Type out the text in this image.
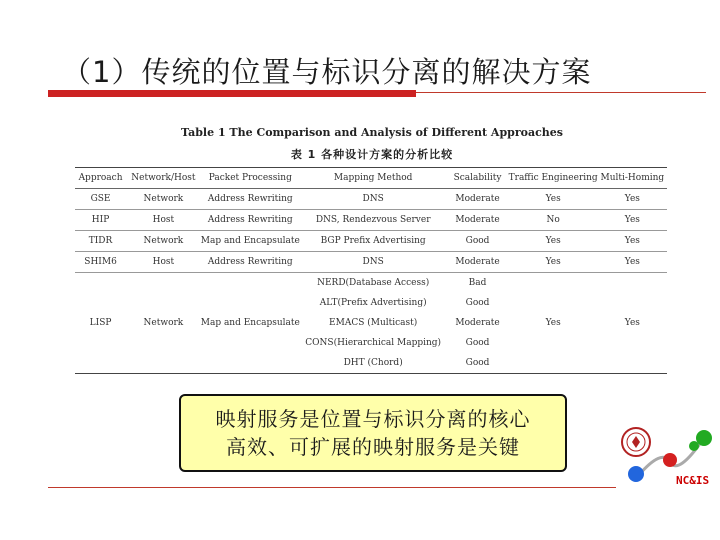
（1）传统的位置与标识分离的解决方案
Table 1 The Comparison and Analysis of Different Approaches
表 1 各种设计方案的分析比较
Approach	Network/Host	Packet Processing	Mapping Method	Scalability	Traffic Engineering	Multi-Homing
GSE	Network	Address Rewriting	DNS	Moderate	Yes	Yes
HIP	Host	Address Rewriting	DNS, Rendezvous Server	Moderate	No	Yes
TIDR	Network	Map and Encapsulate	BGP Prefix Advertising	Good	Yes	Yes
SHIM6	Host	Address Rewriting	DNS	Moderate	Yes	Yes
LISP	Network	Map and Encapsulate	NERD(Database Access)	Bad	Yes	Yes
			ALT(Prefix Advertising)	Good		
			EMACS (Multicast)	Moderate		
			CONS(Hierarchical Mapping)	Good		
			DHT (Chord)	Good		
映射服务是位置与标识分离的核心
高效、可扩展的映射服务是关键
NC&IS
